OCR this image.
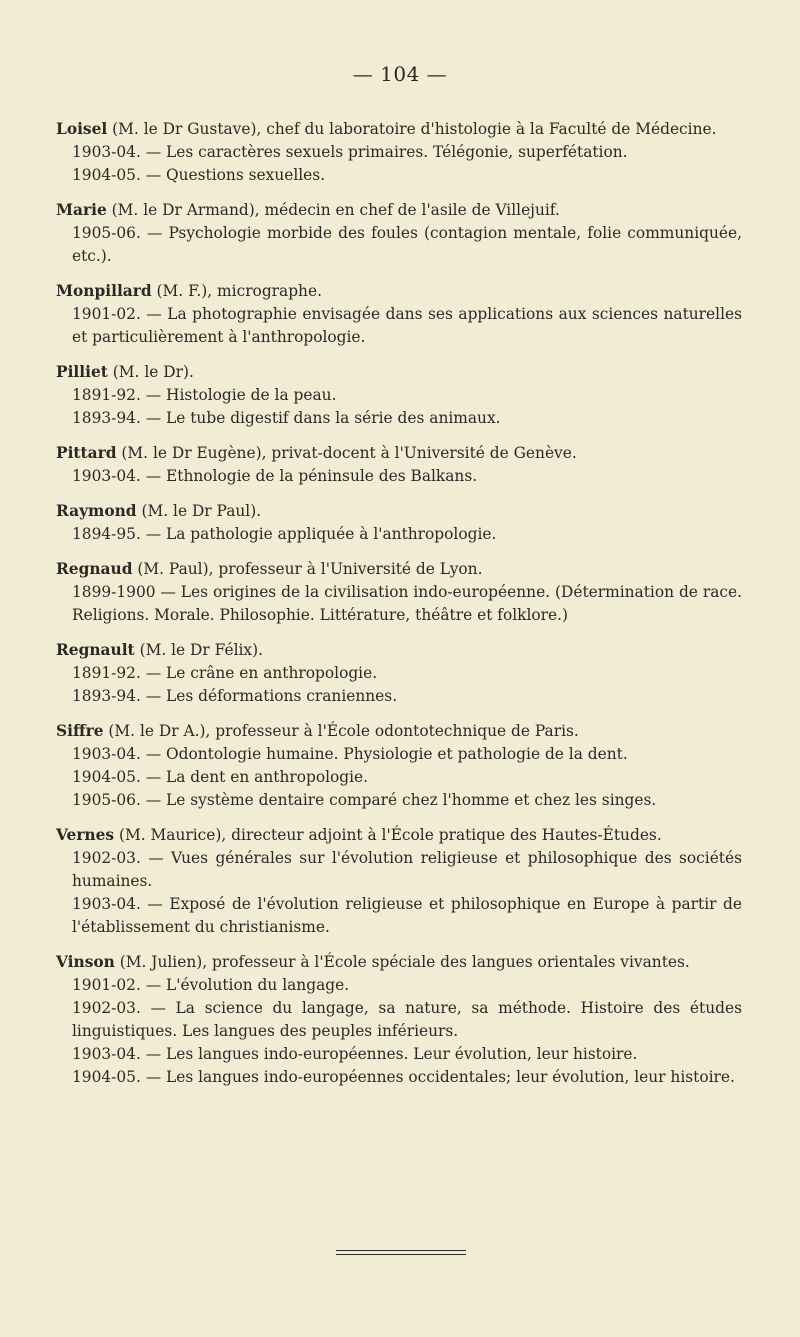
— 104 —
Loisel (M. le Dr Gustave), chef du laboratoire d'histologie à la Faculté de Médecine.
1903-04. — Les caractères sexuels primaires. Télégonie, superfétation.
1904-05. — Questions sexuelles.
Marie (M. le Dr Armand), médecin en chef de l'asile de Villejuif.
1905-06. — Psychologie morbide des foules (contagion mentale, folie communiquée, etc.).
Monpillard (M. F.), micrographe.
1901-02. — La photographie envisagée dans ses applications aux sciences naturelles et particulièrement à l'anthropologie.
Pilliet (M. le Dr).
1891-92. — Histologie de la peau.
1893-94. — Le tube digestif dans la série des animaux.
Pittard (M. le Dr Eugène), privat-docent à l'Université de Genève.
1903-04. — Ethnologie de la péninsule des Balkans.
Raymond (M. le Dr Paul).
1894-95. — La pathologie appliquée à l'anthropologie.
Regnaud (M. Paul), professeur à l'Université de Lyon.
1899-1900 — Les origines de la civilisation indo-européenne. (Détermination de race. Religions. Morale. Philosophie. Littérature, théâtre et folklore.)
Regnault (M. le Dr Félix).
1891-92. — Le crâne en anthropologie.
1893-94. — Les déformations craniennes.
Siffre (M. le Dr A.), professeur à l'École odontotechnique de Paris.
1903-04. — Odontologie humaine. Physiologie et pathologie de la dent.
1904-05. — La dent en anthropologie.
1905-06. — Le système dentaire comparé chez l'homme et chez les singes.
Vernes (M. Maurice), directeur adjoint à l'École pratique des Hautes-Études.
1902-03. — Vues générales sur l'évolution religieuse et philosophique des sociétés humaines.
1903-04. — Exposé de l'évolution religieuse et philosophique en Europe à partir de l'établissement du christianisme.
Vinson (M. Julien), professeur à l'École spéciale des langues orientales vivantes.
1901-02. — L'évolution du langage.
1902-03. — La science du langage, sa nature, sa méthode. Histoire des études linguistiques. Les langues des peuples inférieurs.
1903-04. — Les langues indo-européennes. Leur évolution, leur histoire.
1904-05. — Les langues indo-européennes occidentales; leur évolution, leur histoire.
